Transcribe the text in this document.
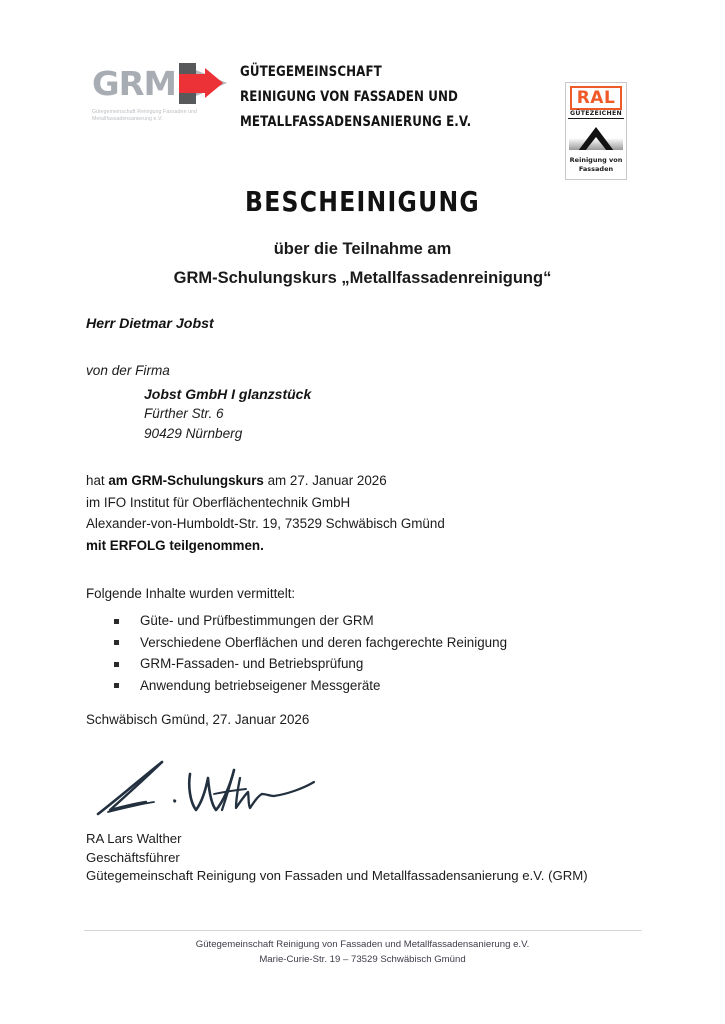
GRM
Gütegemeinschaft Reinigung Fassaden und Metallfassadensanierung e.V.
GÜTEGEMEINSCHAFT
REINIGUNG VON FASSADEN UND
METALLFASSADENSANIERUNG E.V.
RAL
GÜTEZEICHEN
Reinigung von
Fassaden
BESCHEINIGUNG
über die Teilnahme am
GRM-Schulungskurs „Metallfassadenreinigung“
Herr Dietmar Jobst
von der Firma
Jobst GmbH I glanzstück
Fürther Str. 6
90429 Nürnberg
hat am GRM-Schulungskurs am 27. Januar 2026
im IFO Institut für Oberflächentechnik GmbH
Alexander-von-Humboldt-Str. 19, 73529 Schwäbisch Gmünd
mit ERFOLG teilgenommen.
Folgende Inhalte wurden vermittelt:
Güte- und Prüfbestimmungen der GRM
Verschiedene Oberflächen und deren fachgerechte Reinigung
GRM-Fassaden- und Betriebsprüfung
Anwendung betriebseigener Messgeräte
Schwäbisch Gmünd, 27. Januar 2026
RA Lars Walther
Geschäftsführer
Gütegemeinschaft Reinigung von Fassaden und Metallfassadensanierung e.V. (GRM)
Gütegemeinschaft Reinigung von Fassaden und Metallfassadensanierung e.V.
Marie-Curie-Str. 19 – 73529 Schwäbisch Gmünd
